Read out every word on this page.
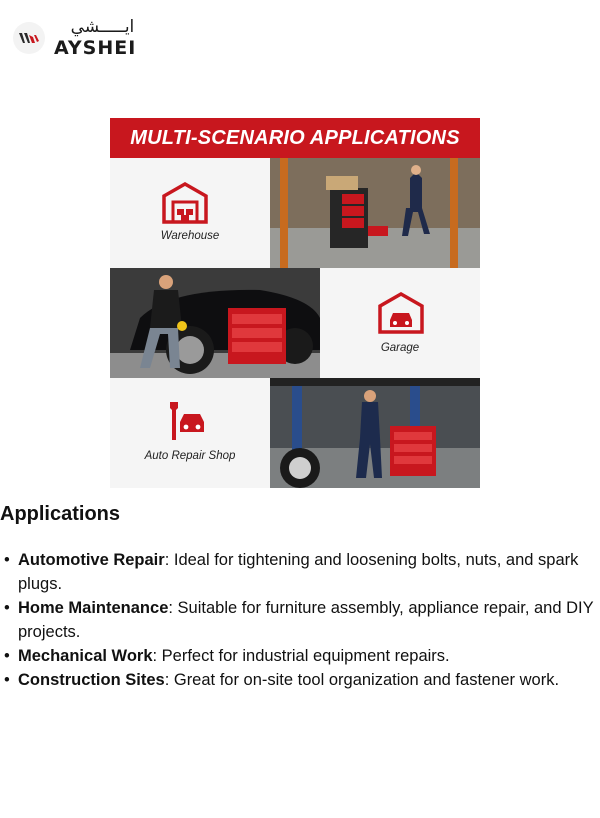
ايـــــشي
AYSHEI
MULTI-SCENARIO APPLICATIONS
Warehouse
Garage
Auto Repair Shop
Applications
• Automotive Repair: Ideal for tightening and loosening bolts, nuts, and spark plugs.
• Home Maintenance: Suitable for furniture assembly, appliance repair, and DIY projects.
• Mechanical Work: Perfect for industrial equipment repairs.
• Construction Sites: Great for on-site tool organization and fastener work.
